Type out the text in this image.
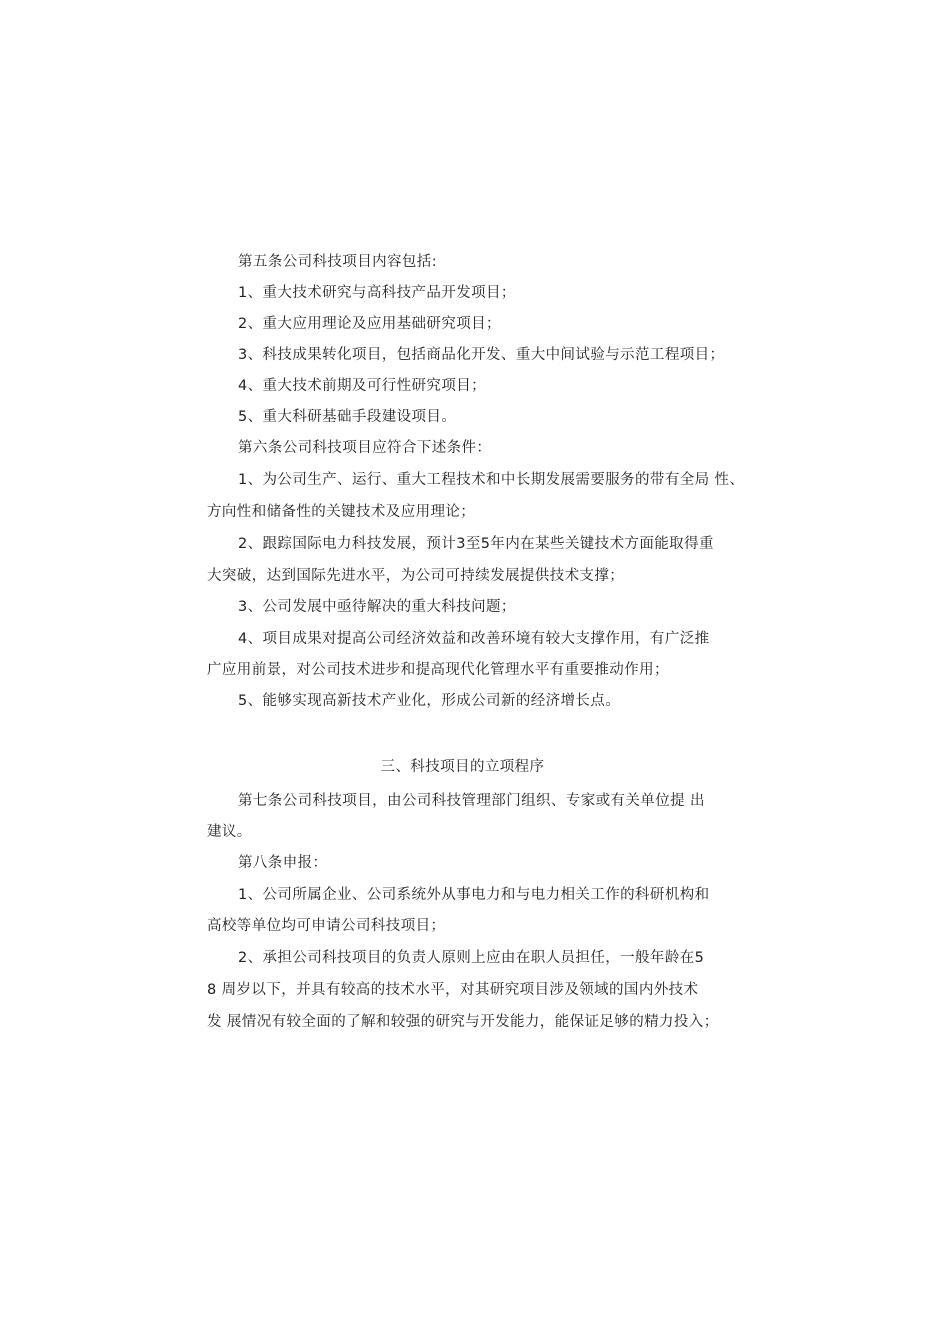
第五条公司科技项目内容包括:
1、重大技术研究与高科技产品开发项目；
2、重大应用理论及应用基础研究项目；
3、科技成果转化项目，包括商品化开发、重大中间试验与示范工程项目；
4、重大技术前期及可行性研究项目；
5、重大科研基础手段建设项目。
第六条公司科技项目应符合下述条件：
1、为公司生产、运行、重大工程技术和中长期发展需要服务的带有全局 性、
方向性和储备性的关键技术及应用理论；
2、跟踪国际电力科技发展，预计3至5年内在某些关键技术方面能取得重
大突破，达到国际先进水平，为公司可持续发展提供技术支撑；
3、公司发展中亟待解决的重大科技问题；
4、项目成果对提高公司经济效益和改善环境有较大支撑作用，有广泛推
广应用前景，对公司技术进步和提高现代化管理水平有重要推动作用；
5、能够实现高新技术产业化，形成公司新的经济增长点。
三、科技项目的立项程序
第七条公司科技项目，由公司科技管理部门组织、专家或有关单位提 出
建议。
第八条申报：
1、公司所属企业、公司系统外从事电力和与电力相关工作的科研机构和
高校等单位均可申请公司科技项目；
2、承担公司科技项目的负责人原则上应由在职人员担任，一般年龄在5
8 周岁以下，并具有较高的技术水平，对其研究项目涉及领域的国内外技术
发 展情况有较全面的了解和较强的研究与开发能力，能保证足够的精力投入；
